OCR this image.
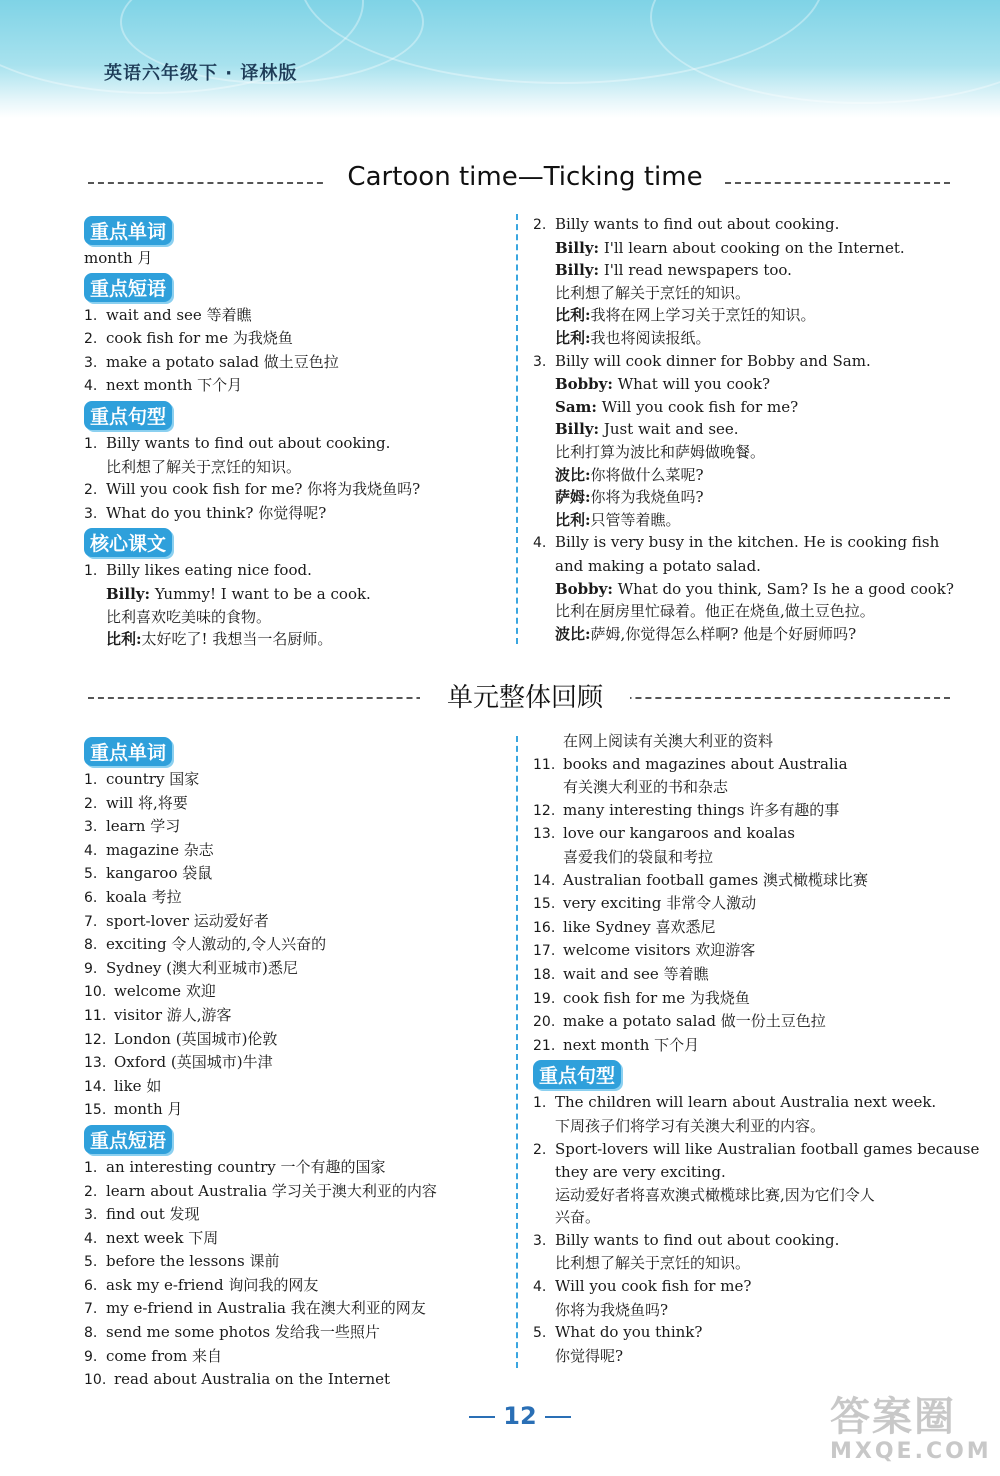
英语六年级下 · 译林版
Cartoon time—Ticking time
重点单词
month 月
重点短语
1. wait and see 等着瞧
2. cook fish for me 为我烧鱼
3. make a potato salad 做土豆色拉
4. next month 下个月
重点句型
1. Billy wants to find out about cooking.
比利想了解关于烹饪的知识。
2. Will you cook fish for me? 你将为我烧鱼吗?
3. What do you think? 你觉得呢?
核心课文
1. Billy likes eating nice food.
Billy: Yummy! I want to be a cook.
比利喜欢吃美味的食物。
比利:太好吃了! 我想当一名厨师。
2. Billy wants to find out about cooking.
Billy: I'll learn about cooking on the Internet.
Billy: I'll read newspapers too.
比利想了解关于烹饪的知识。
比利:我将在网上学习关于烹饪的知识。
比利:我也将阅读报纸。
3. Billy will cook dinner for Bobby and Sam.
Bobby: What will you cook?
Sam: Will you cook fish for me?
Billy: Just wait and see.
比利打算为波比和萨姆做晚餐。
波比:你将做什么菜呢?
萨姆:你将为我烧鱼吗?
比利:只管等着瞧。
4. Billy is very busy in the kitchen. He is cooking fish
and making a potato salad.
Bobby: What do you think, Sam? Is he a good cook?
比利在厨房里忙碌着。他正在烧鱼,做土豆色拉。
波比:萨姆,你觉得怎么样啊? 他是个好厨师吗?
单元整体回顾
重点单词
1. country 国家
2. will 将,将要
3. learn 学习
4. magazine 杂志
5. kangaroo 袋鼠
6. koala 考拉
7. sport-lover 运动爱好者
8. exciting 令人激动的,令人兴奋的
9. Sydney (澳大利亚城市)悉尼
10. welcome 欢迎
11. visitor 游人,游客
12. London (英国城市)伦敦
13. Oxford (英国城市)牛津
14. like 如
15. month 月
重点短语
1. an interesting country 一个有趣的国家
2. learn about Australia 学习关于澳大利亚的内容
3. find out 发现
4. next week 下周
5. before the lessons 课前
6. ask my e-friend 询问我的网友
7. my e-friend in Australia 我在澳大利亚的网友
8. send me some photos 发给我一些照片
9. come from 来自
10. read about Australia on the Internet
在网上阅读有关澳大利亚的资料
11. books and magazines about Australia
有关澳大利亚的书和杂志
12. many interesting things 许多有趣的事
13. love our kangaroos and koalas
喜爱我们的袋鼠和考拉
14. Australian football games 澳式橄榄球比赛
15. very exciting 非常令人激动
16. like Sydney 喜欢悉尼
17. welcome visitors 欢迎游客
18. wait and see 等着瞧
19. cook fish for me 为我烧鱼
20. make a potato salad 做一份土豆色拉
21. next month 下个月
重点句型
1. The children will learn about Australia next week.
下周孩子们将学习有关澳大利亚的内容。
2. Sport-lovers will like Australian football games because
they are very exciting.
运动爱好者将喜欢澳式橄榄球比赛,因为它们令人
兴奋。
3. Billy wants to find out about cooking.
比利想了解关于烹饪的知识。
4. Will you cook fish for me?
你将为我烧鱼吗?
5. What do you think?
你觉得呢?
12	答案圈
MXQE.COM
